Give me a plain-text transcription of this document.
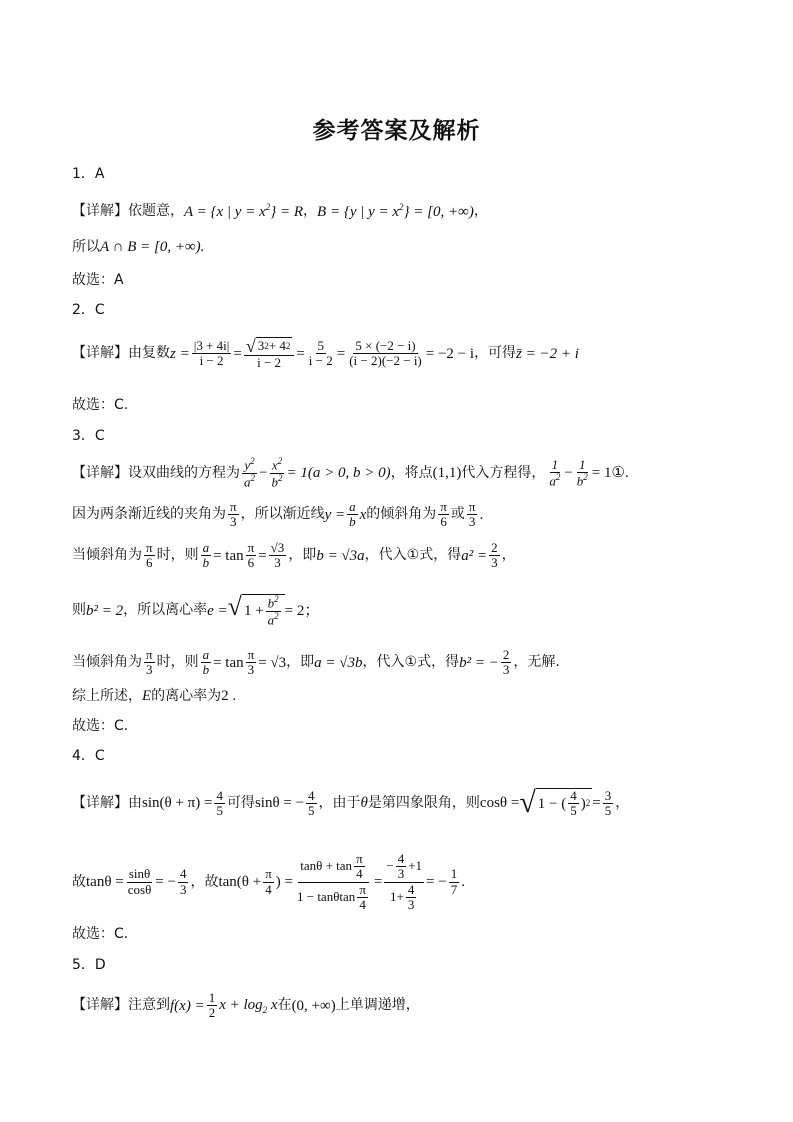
参考答案及解析
1．A
【详解】 依题意， A = {x | $y = x^2\} = R$ ， B = {y | $y = x^2\} = [0$, +∞) ，
所以 A ∩ B = [0, +∞).
故选：A
2．C
【详解】 由复数 $z = \frac{|3 + 4i|}{i - 2} = \frac{√ 3 2 + 4 2}{i - 2} = \frac{5}{i - 2} = \frac{5 \times (-2 - i)}{(i - 2)(-2 - i)} = -2 - i$ ，可得 z̄ = −2 + i
故选：C.
3．C
【详解】 设双曲线的方程为 $\frac{y^2}{a^2} - \frac{x^2}{b^2} = 1(a > 0$, b > 0) ，将点 (1,1) 代入方程得， $\frac{1}{a^2} - \frac{1}{b^2}$ = 1①.
因为两条渐近线的夹角为 $\frac{\pi}{3}$ ，所以渐近线 $y = \frac{a}{b}$ x 的倾斜角为 $\frac{\pi}{6}$ 或 $\frac{\pi}{3}$ .
当倾斜角为 $\frac{\pi}{6}$ 时，则 $\frac{a}{b} = \tan \frac{\pi}{6} = \frac{√3}{3}$ ，即 b = √3a ，代入①式，得 $a^2 = \frac{2}{3}$ ，
则 b² = 2 ，所以离心率 e = √ $1 + \frac{b^2}{a^2} = 2$；
当倾斜角为 $\frac{\pi}{3}$ 时，则 $\frac{a}{b} = \tan \frac{\pi}{3} = √3$ ，即 a = √3b ，代入①式，得 b² = − $\frac{2}{3}$ ，无解.
综上所述， E 的离心率为 2 .
故选：C.
4．C
【详解】 由 $\sin(\theta + \pi) = \frac{4}{5}$ 可得 sinθ = − $\frac{4}{5}$ ，由于 θ 是第四象限角，则 cosθ = √ 1 − ( $\frac{4}{5}$ ) $2 = \frac{3}{5}$ ，
故 $\tan\theta = \frac{\sin\theta}{\cos\theta}$ = − $\frac{4}{3}$ ，故 $\tan(\theta + \frac{\pi}{4}$ ) = $\frac{\tan\theta + \tan \frac{\pi}{4}}{1 - \tan\theta\tan \frac{\pi}{4}} = \frac{- \frac{4}{3} +1}{1+ \frac{4}{3}}$ = − $\frac{1}{7}$ .
故选：C.
5．D
【详解】 注意到 $f(x) = \frac{1}{2}$ $x + \log_2 x$ 在 (0, +∞) 上单调递增，
